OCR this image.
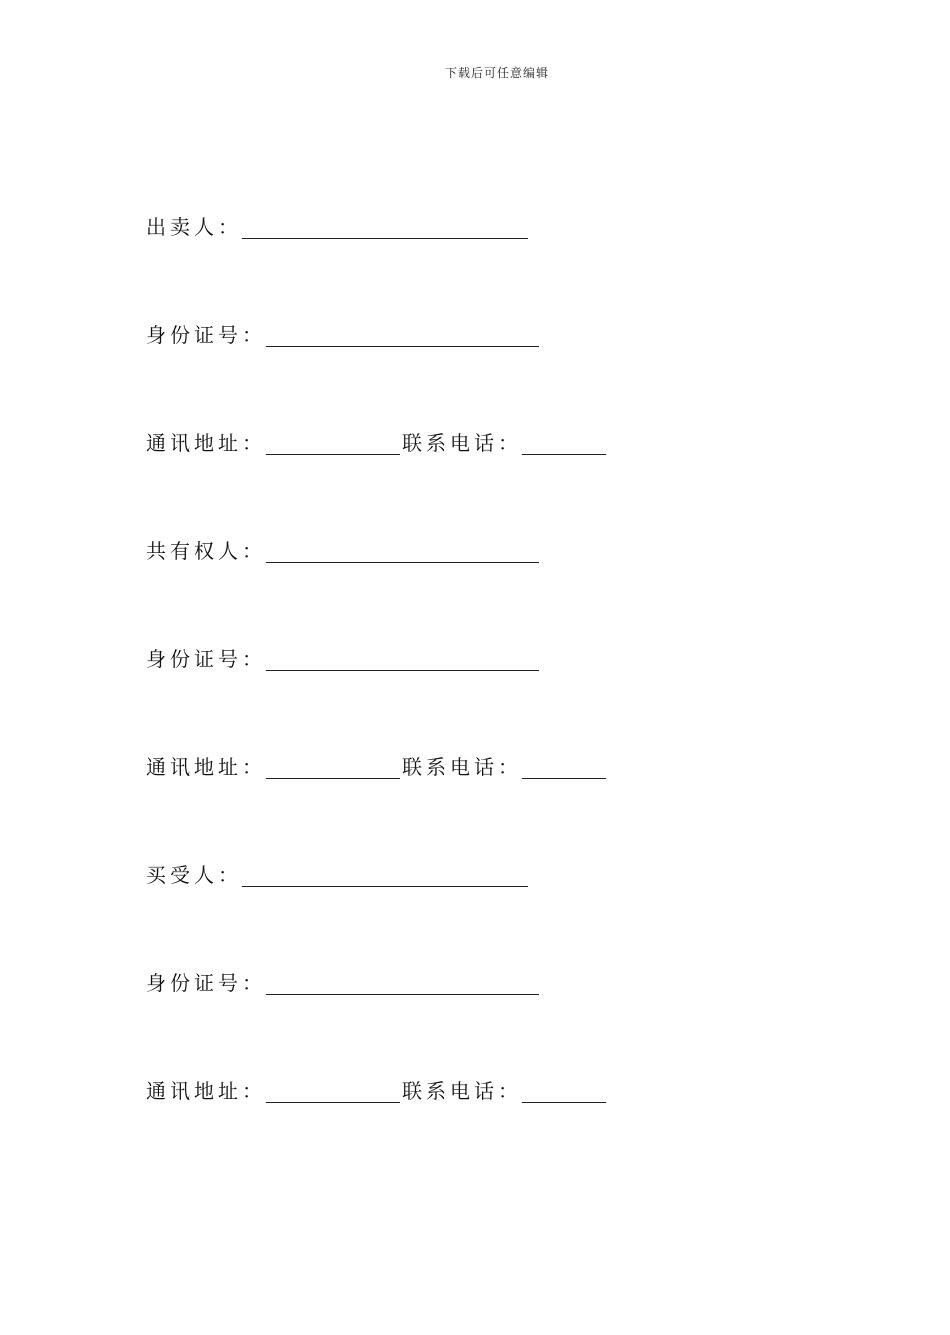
下载后可任意编辑
出卖人：
身份证号：
通讯地址：	联系电话：
共有权人：
身份证号：
通讯地址：	联系电话：
买受人：
身份证号：
通讯地址：	联系电话：
